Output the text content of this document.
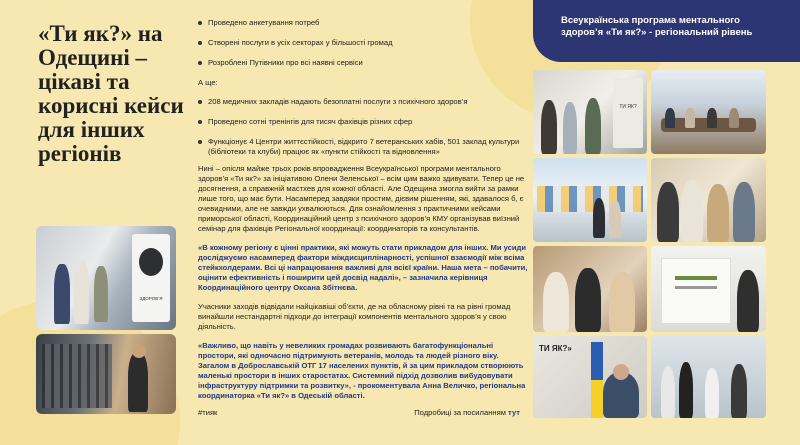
«Ти як?» на Одещині – цікаві та корисні кейси для інших регіонів
ЗДОРОВ’Я
Проведено анкетування потреб
Створені послуги в усіх секторах у більшості громад
Розроблені Путівники про всі наявні сервіси
А ще:
208 медичних закладів надають безоплатні послуги з психічного здоров’я
Проведено сотні тренінгів для тисяч фахівців різних сфер
Функціонує 4 Центри життєстійкості, відкрито 7 ветеранських хабів, 501 заклад культури (бібліотеки та клуби) працює як «пункти стійкості та відновлення»

Нині – опісля майже трьох років впровадження Всеукраїнської програми ментального здоров’я «Ти як?» за ініціативою Олени Зеленської – всім цим важко здивувати. Тепер це не досягнення, а справжній мастхев для кожної області. Але Одещина змогла вийти за рамки лише того, що має бути. Насамперед завдяки простим, дієвим рішенням, які, здавалося б, є очевидними, але не завжди ухвалюються. Для ознайомлення з практичними кейсами приморської області, Координаційний центр з психічного здоров’я КМУ організував виїзний семінар для фахівців Регіональної координації: координаторів та консультантів.

«В кожному регіону є цінні практики, які можуть стати прикладом для інших. Ми усиди досліджуємо насамперед фактори міждисциплінарності, успішної взаємодії між всіма стейкхолдерами. Всі ці напрацювання важливі для всієї країни. Наша мета – побачити, оцінити ефективність і поширити цей досвід надалі», – зазначила керівниця Координаційного центру Оксана Збітнєва.

Учасники заходів відвідали найцікавіші об’єкти, де на обласному рівні та на рівні громад винайшли нестандартні підходи до інтеграції компонентів ментального здоров’я у свою діяльність.

«Важливо, що навіть у невеликих громадах розвивають багатофункціональні простори, які одночасно підтримують ветеранів, молодь та людей різного віку. Загалом в Доброславській ОТГ 17 населених пунктів, й за цим прикладом створюють маленькі простори в інших старостатах. Системний підхід дозволив вибудовувати інфраструктуру підтримки та розвитку», - прокоментувала Анна Величко, регіональна координаторка «Ти як?» в Одеській області.

#тияк	Подробиці за посиланням тут
Всеукраїнська програма ментального здоров’я «Ти як?» - регіональний рівень
ТИ ЯК?
ТИ ЯК?»
